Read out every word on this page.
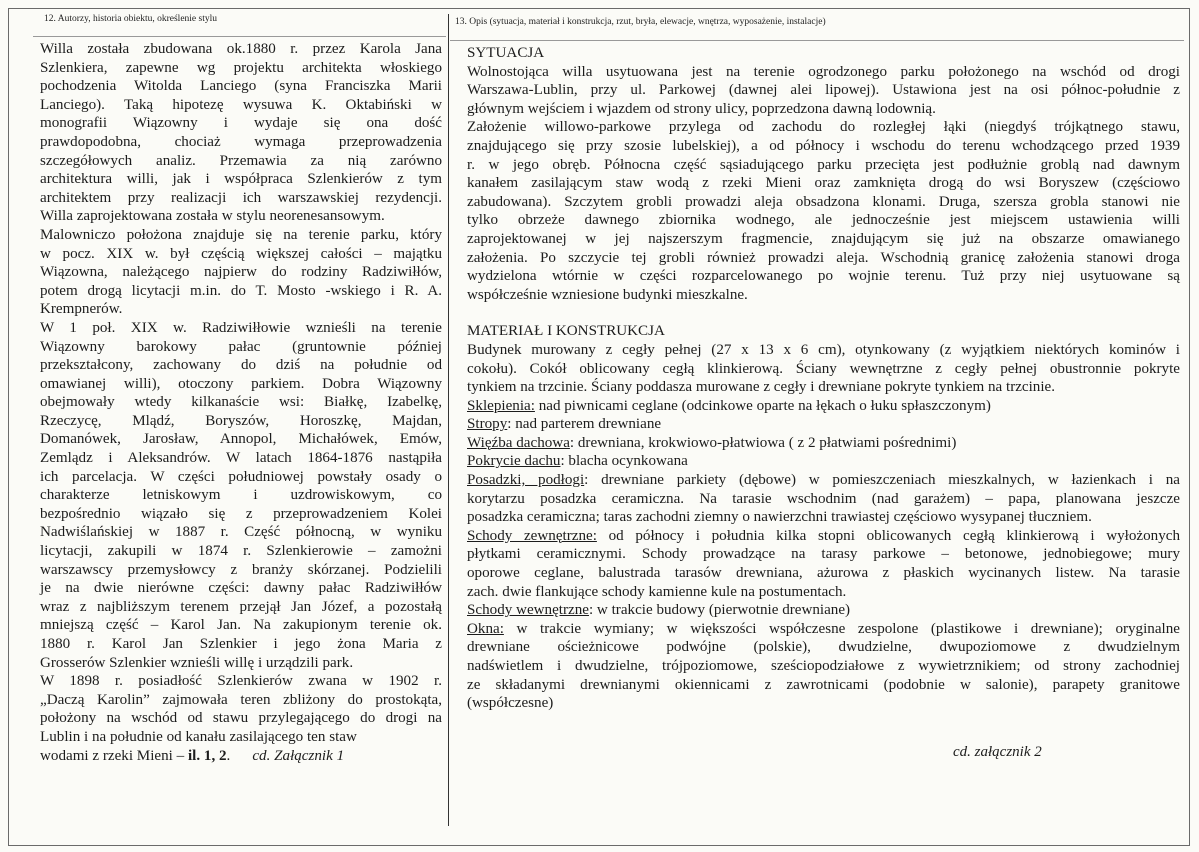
12. Autorzy, historia obiektu, określenie stylu	13. Opis (sytuacja, materiał i konstrukcja, rzut, bryła, elewacje, wnętrza, wyposażenie, instalacje)

Willa została zbudowana ok.1880 r. przez Karola Jana
Szlenkiera, zapewne wg projektu architekta włoskiego
pochodzenia Witolda Lanciego (syna Franciszka Marii
Lanciego). Taką hipotezę wysuwa K. Oktabiński w
monografii Wiązowny i wydaje się ona dość
prawdopodobna, chociaż wymaga przeprowadzenia
szczegółowych analiz. Przemawia za nią zarówno
architektura willi, jak i współpraca Szlenkierów z tym
architektem przy realizacji ich warszawskiej rezydencji.
Willa zaprojektowana została w stylu neorenesansowym.

Malowniczo położona znajduje się na terenie parku, który
w pocz. XIX w. był częścią większej całości – majątku
Wiązowna, należącego najpierw do rodziny Radziwiłłów,
potem drogą licytacji m.in. do T. Mosto -wskiego i R. A.
Krempnerów.

W 1 poł. XIX w. Radziwiłłowie wznieśli na terenie
Wiązowny barokowy pałac (gruntownie później
przekształcony, zachowany do dziś na południe od
omawianej willi), otoczony parkiem. Dobra Wiązowny
obejmowały wtedy kilkanaście wsi: Białkę, Izabelkę,
Rzeczycę, Mlądź, Boryszów, Horoszkę, Majdan,
Domanówek, Jarosław, Annopol, Michałówek, Emów,
Zemlądz i Aleksandrów. W latach 1864-1876 nastąpiła
ich parcelacja. W części południowej powstały osady o
charakterze letniskowym i uzdrowiskowym, co
bezpośrednio wiązało się z przeprowadzeniem Kolei
Nadwiślańskiej w 1887 r. Część północną, w wyniku
licytacji, zakupili w 1874 r. Szlenkierowie – zamożni
warszawscy przemysłowcy z branży skórzanej. Podzielili
je na dwie nierówne części: dawny pałac Radziwiłłów
wraz z najbliższym terenem przejął Jan Józef, a pozostałą
mniejszą część – Karol Jan. Na zakupionym terenie ok.
1880 r. Karol Jan Szlenkier i jego żona Maria z
Grosserów Szlenkier wznieśli willę i urządzili park.

W 1898 r. posiadłość Szlenkierów zwana w 1902 r.
„Daczą Karolin” zajmowała teren zbliżony do prostokąta,
położony na wschód od stawu przylegającego do drogi na
Lublin i na południe od kanału zasilającego ten staw

wodami z rzeki Mieni – il. 1, 2. cd. Załącznik 1

SYTUACJA
Wolnostojąca willa usytuowana jest na terenie ogrodzonego parku położonego na wschód od drogi
Warszawa-Lublin, przy ul. Parkowej (dawnej alei lipowej). Ustawiona jest na osi północ-południe z
głównym wejściem i wjazdem od strony ulicy, poprzedzona dawną lodownią.
Założenie willowo-parkowe przylega od zachodu do rozległej łąki (niegdyś trójkątnego stawu,
znajdującego się przy szosie lubelskiej), a od północy i wschodu do terenu wchodzącego przed 1939
r. w jego obręb. Północna część sąsiadującego parku przecięta jest podłużnie groblą nad dawnym
kanałem zasilającym staw wodą z rzeki Mieni oraz zamknięta drogą do wsi Boryszew (częściowo
zabudowana). Szczytem grobli prowadzi aleja obsadzona klonami. Druga, szersza grobla stanowi nie
tylko obrzeże dawnego zbiornika wodnego, ale jednocześnie jest miejscem ustawienia willi
zaprojektowanej w jej najszerszym fragmencie, znajdującym się już na obszarze omawianego
założenia. Po szczycie tej grobli również prowadzi aleja. Wschodnią granicę założenia stanowi droga
wydzielona wtórnie w części rozparcelowanego po wojnie terenu. Tuż przy niej usytuowane są
współcześnie wzniesione budynki mieszkalne.
MATERIAŁ I KONSTRUKCJA
Budynek murowany z cegły pełnej (27 x 13 x 6 cm), otynkowany (z wyjątkiem niektórych kominów i
cokołu). Cokół oblicowany cegłą klinkierową. Ściany wewnętrzne z cegły pełnej obustronnie pokryte
tynkiem na trzcinie. Ściany poddasza murowane z cegły i drewniane pokryte tynkiem na trzcinie.
Sklepienia: nad piwnicami ceglane (odcinkowe oparte na łękach o łuku spłaszczonym)
Stropy: nad parterem drewniane
Więźba dachowa: drewniana, krokwiowo-płatwiowa ( z 2 płatwiami pośrednimi)
Pokrycie dachu: blacha ocynkowana
Posadzki, podłogi: drewniane parkiety (dębowe) w pomieszczeniach mieszkalnych, w łazienkach i na
korytarzu posadzka ceramiczna. Na tarasie wschodnim (nad garażem) – papa, planowana jeszcze
posadzka ceramiczna; taras zachodni ziemny o nawierzchni trawiastej częściowo wysypanej tłuczniem.
Schody zewnętrzne: od północy i południa kilka stopni oblicowanych cegłą klinkierową i wyłożonych
płytkami ceramicznymi. Schody prowadzące na tarasy parkowe – betonowe, jednobiegowe; mury
oporowe ceglane, balustrada tarasów drewniana, ażurowa z płaskich wycinanych listew. Na tarasie
zach. dwie flankujące schody kamienne kule na postumentach.
Schody wewnętrzne: w trakcie budowy (pierwotnie drewniane)
Okna: w trakcie wymiany; w większości współczesne zespolone (plastikowe i drewniane); oryginalne
drewniane ościeżnicowe podwójne (polskie), dwudzielne, dwupoziomowe z dwudzielnym
nadświetlem i dwudzielne, trójpoziomowe, sześciopodziałowe z wywietrznikiem; od strony zachodniej
ze składanymi drewnianymi okiennicami z zawrotnicami (podobnie w salonie), parapety granitowe
(współczesne)
cd. załącznik 2
